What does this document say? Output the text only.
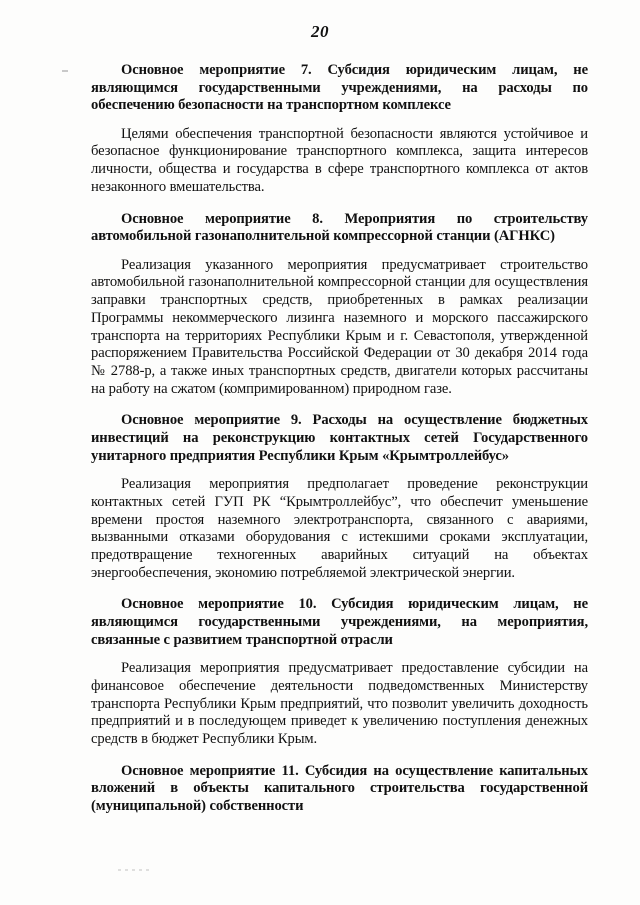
20

Основное мероприятие 7. Субсидия юридическим лицам, не являющимся государственными учреждениями, на расходы по обеспечению безопасности на транспортном комплексе

Целями обеспечения транспортной безопасности являются устойчивое и безопасное функционирование транспортного комплекса, защита интересов личности, общества и государства в сфере транспортного комплекса от актов незаконного вмешательства.

Основное мероприятие 8. Мероприятия по строительству автомобильной газонаполнительной компрессорной станции (АГНКС)

Реализация указанного мероприятия предусматривает строительство автомобильной газонаполнительной компрессорной станции для осуществления заправки транспортных средств, приобретенных в рамках реализации Программы некоммерческого лизинга наземного и морского пассажирского транспорта на территориях Республики Крым и г. Севастополя, утвержденной распоряжением Правительства Российской Федерации от 30 декабря 2014 года № 2788-р, а также иных транспортных средств, двигатели которых рассчитаны на работу на сжатом (компримированном) природном газе.

Основное мероприятие 9. Расходы на осуществление бюджетных инвестиций на реконструкцию контактных сетей Государственного унитарного предприятия Республики Крым «Крымтроллейбус»

Реализация мероприятия предполагает проведение реконструкции контактных сетей ГУП РК “Крымтроллейбус”, что обеспечит уменьшение времени простоя наземного электротранспорта, связанного с авариями, вызванными отказами оборудования с истекшими сроками эксплуатации, предотвращение техногенных аварийных ситуаций на объектах энергообеспечения, экономию потребляемой электрической энергии.

Основное мероприятие 10. Субсидия юридическим лицам, не являющимся государственными учреждениями, на мероприятия, связанные с развитием транспортной отрасли

Реализация мероприятия предусматривает предоставление субсидии на финансовое обеспечение деятельности подведомственных Министерству транспорта Республики Крым предприятий, что позволит увеличить доходность предприятий и в последующем приведет к увеличению поступления денежных средств в бюджет Республики Крым.

Основное мероприятие 11. Субсидия на осуществление капитальных вложений в объекты капитального строительства государственной (муниципальной) собственности
